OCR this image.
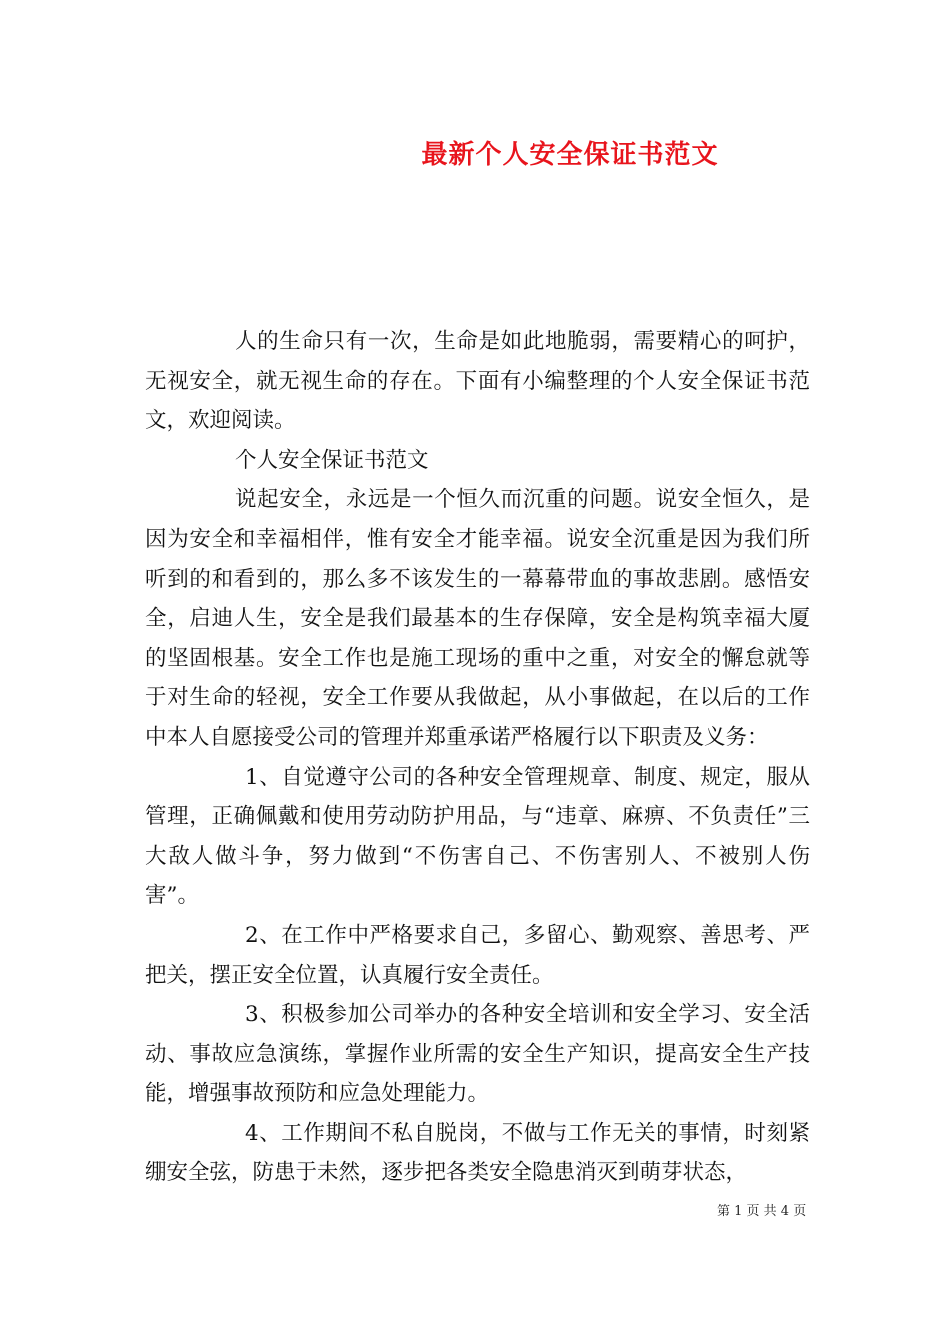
最新个人安全保证书范文

人的生命只有一次，生命是如此地脆弱，需要精心的呵护，无视安全，就无视生命的存在。下面有小编整理的个人安全保证书范文，欢迎阅读。

个人安全保证书范文

说起安全，永远是一个恒久而沉重的问题。说安全恒久，是因为安全和幸福相伴，惟有安全才能幸福。说安全沉重是因为我们所听到的和看到的，那么多不该发生的一幕幕带血的事故悲剧。感悟安全，启迪人生，安全是我们最基本的生存保障，安全是构筑幸福大厦的坚固根基。安全工作也是施工现场的重中之重，对安全的懈怠就等于对生命的轻视，安全工作要从我做起，从小事做起，在以后的工作中本人自愿接受公司的管理并郑重承诺严格履行以下职责及义务：

1、自觉遵守公司的各种安全管理规章、制度、规定，服从管理，正确佩戴和使用劳动防护用品，与“违章、麻痹、不负责任”三大敌人做斗争，努力做到“不伤害自己、不伤害别人、不被别人伤害”。

2、在工作中严格要求自己，多留心、勤观察、善思考、严把关，摆正安全位置，认真履行安全责任。

3、积极参加公司举办的各种安全培训和安全学习、安全活动、事故应急演练，掌握作业所需的安全生产知识，提高安全生产技能，增强事故预防和应急处理能力。

4、工作期间不私自脱岗，不做与工作无关的事情，时刻紧绷安全弦，防患于未然，逐步把各类安全隐患消灭到萌芽状态，

第 1 页 共 4 页
